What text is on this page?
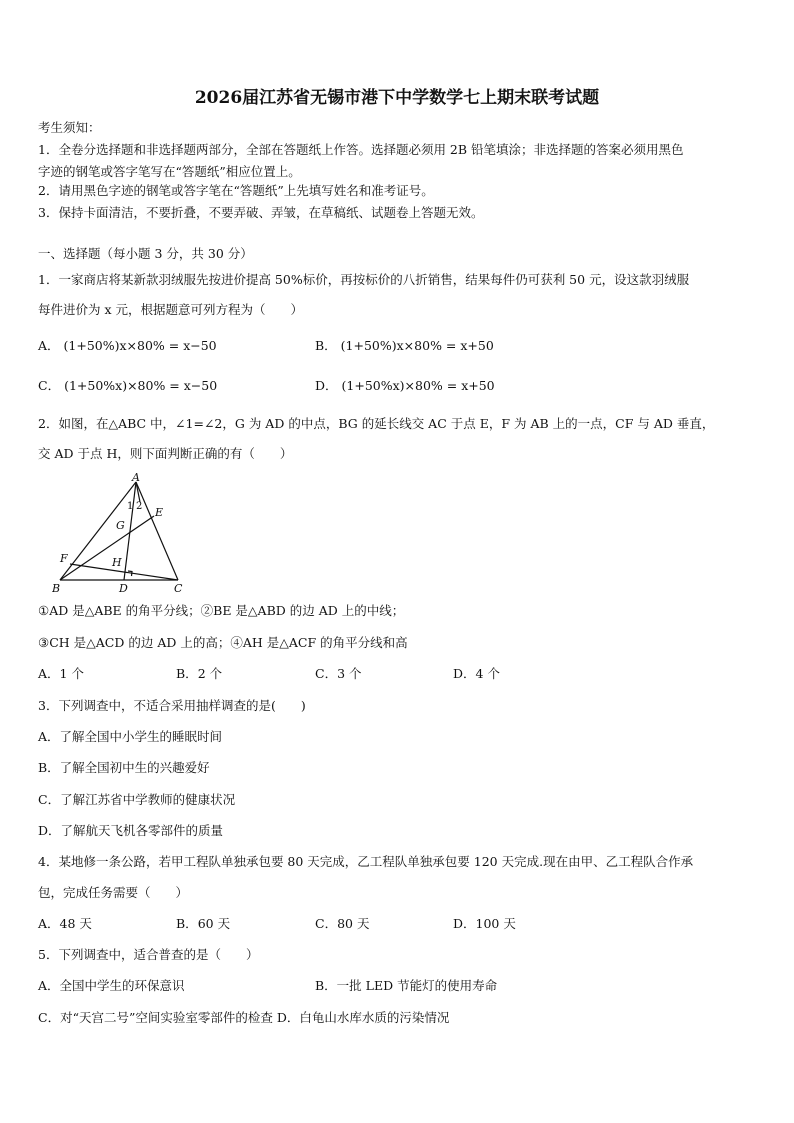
2026届江苏省无锡市港下中学数学七上期末联考试题
考生须知：
1．全卷分选择题和非选择题两部分，全部在答题纸上作答。选择题必须用 2B 铅笔填涂；非选择题的答案必须用黑色
字迹的钢笔或答字笔写在“答题纸”相应位置上。
2．请用黑色字迹的钢笔或答字笔在“答题纸”上先填写姓名和准考证号。
3．保持卡面清洁，不要折叠，不要弄破、弄皱，在草稿纸、试题卷上答题无效。
一、选择题（每小题 3 分，共 30 分）
1．一家商店将某新款羽绒服先按进价提高 50%标价，再按标价的八折销售，结果每件仍可获利 50 元，设这款羽绒服
每件进价为 x 元，根据题意可列方程为（　　）
A． (1+50%)x×80% = x−50	B． (1+50%)x×80% = x+50
C． (1+50%x)×80% = x−50	D． (1+50%x)×80% = x+50
2．如图，在△ABC 中，∠1=∠2，G 为 AD 的中点，BG 的延长线交 AC 于点 E，F 为 AB 上的一点，CF 与 AD 垂直，
交 AD 于点 H，则下面判断正确的有（　　）
A
B	C
D
E
F
G
H
1 2
①AD 是△ABE 的角平分线；②BE 是△ABD 的边 AD 上的中线；
③CH 是△ACD 的边 AD 上的高；④AH 是△ACF 的角平分线和高
A．1 个	B．2 个	C．3 个	D．4 个
3．下列调查中，不适合采用抽样调查的是(　　)
A．了解全国中小学生的睡眠时间
B．了解全国初中生的兴趣爱好
C．了解江苏省中学教师的健康状况
D．了解航天飞机各零部件的质量
4．某地修一条公路，若甲工程队单独承包要 80 天完成，乙工程队单独承包要 120 天完成.现在由甲、乙工程队合作承
包，完成任务需要（　　）
A．48 天	B．60 天	C．80 天	D．100 天
5．下列调查中，适合普查的是（　　）
A．全国中学生的环保意识	B．一批 LED 节能灯的使用寿命
C．对“天宫二号”空间实验室零部件的检查 D．白龟山水库水质的污染情况
